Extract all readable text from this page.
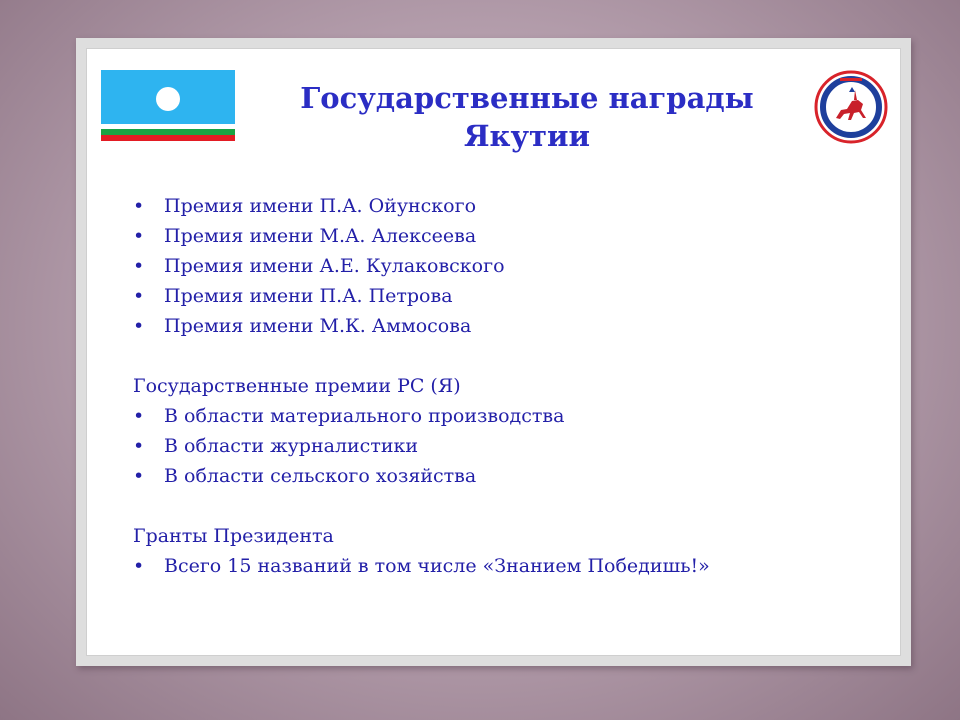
Государственные награды
Якутии
• Премия имени П.А. Ойунского
• Премия имени М.А. Алексеева
• Премия имени А.Е. Кулаковского
• Премия имени П.А. Петрова
• Премия имени М.К. Аммосова
Государственные премии РС (Я)
• В области материального производства
• В области журналистики
• В области сельского хозяйства
Гранты Президента
• Всего 15 названий в том числе «Знанием Победишь!»
